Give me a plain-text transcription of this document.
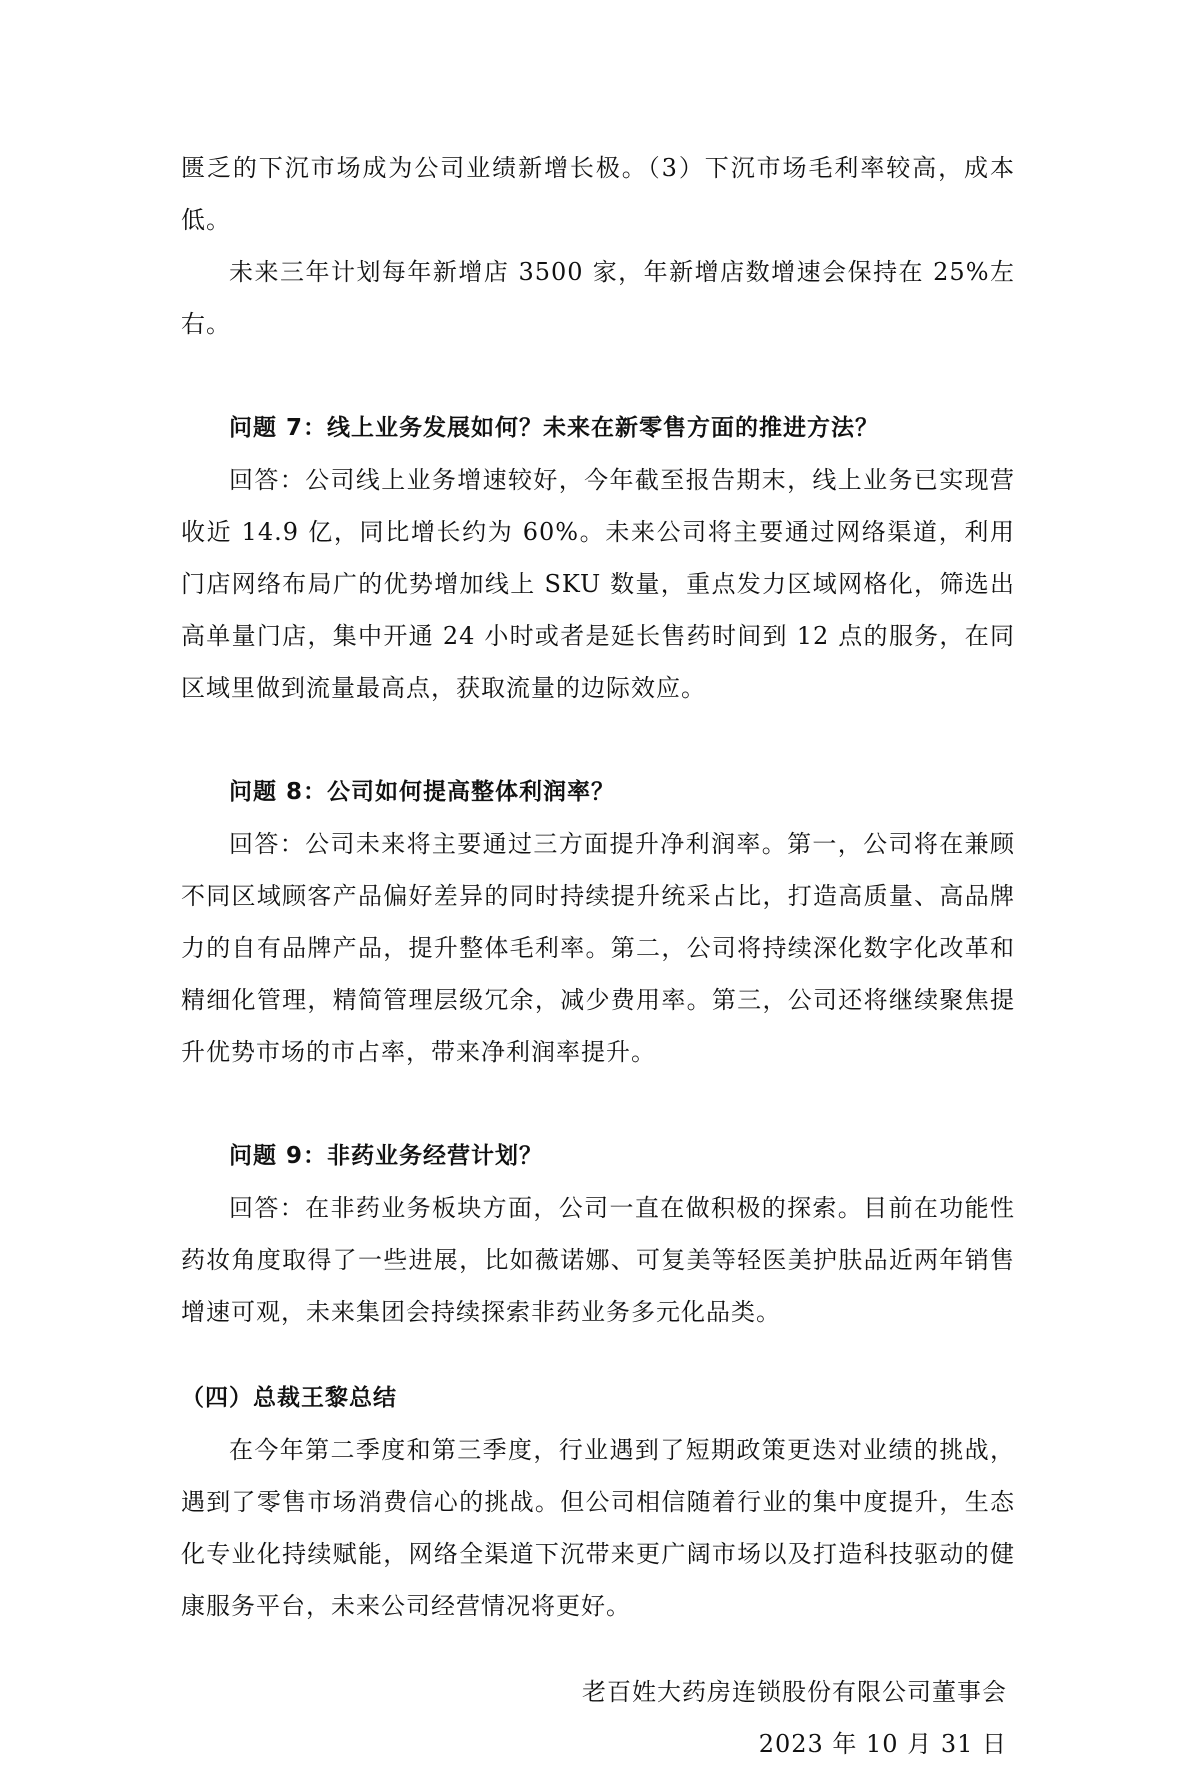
匮乏的下沉市场成为公司业绩新增长极。（3）下沉市场毛利率较高，成本低。

未来三年计划每年新增店 3500 家，年新增店数增速会保持在 25%左右。

问题 7：线上业务发展如何？未来在新零售方面的推进方法？

回答：公司线上业务增速较好，今年截至报告期末，线上业务已实现营收近 14.9 亿，同比增长约为 60%。未来公司将主要通过网络渠道，利用门店网络布局广的优势增加线上 SKU 数量，重点发力区域网格化，筛选出高单量门店，集中开通 24 小时或者是延长售药时间到 12 点的服务，在同区域里做到流量最高点，获取流量的边际效应。

问题 8：公司如何提高整体利润率？

回答：公司未来将主要通过三方面提升净利润率。第一，公司将在兼顾不同区域顾客产品偏好差异的同时持续提升统采占比，打造高质量、高品牌力的自有品牌产品，提升整体毛利率。第二，公司将持续深化数字化改革和精细化管理，精简管理层级冗余，减少费用率。第三，公司还将继续聚焦提升优势市场的市占率，带来净利润率提升。

问题 9：非药业务经营计划？

回答：在非药业务板块方面，公司一直在做积极的探索。目前在功能性药妆角度取得了一些进展，比如薇诺娜、可复美等轻医美护肤品近两年销售增速可观，未来集团会持续探索非药业务多元化品类。

（四）总裁王黎总结

在今年第二季度和第三季度，行业遇到了短期政策更迭对业绩的挑战，遇到了零售市场消费信心的挑战。但公司相信随着行业的集中度提升，生态化专业化持续赋能，网络全渠道下沉带来更广阔市场以及打造科技驱动的健康服务平台，未来公司经营情况将更好。

老百姓大药房连锁股份有限公司董事会

2023 年 10 月 31 日
